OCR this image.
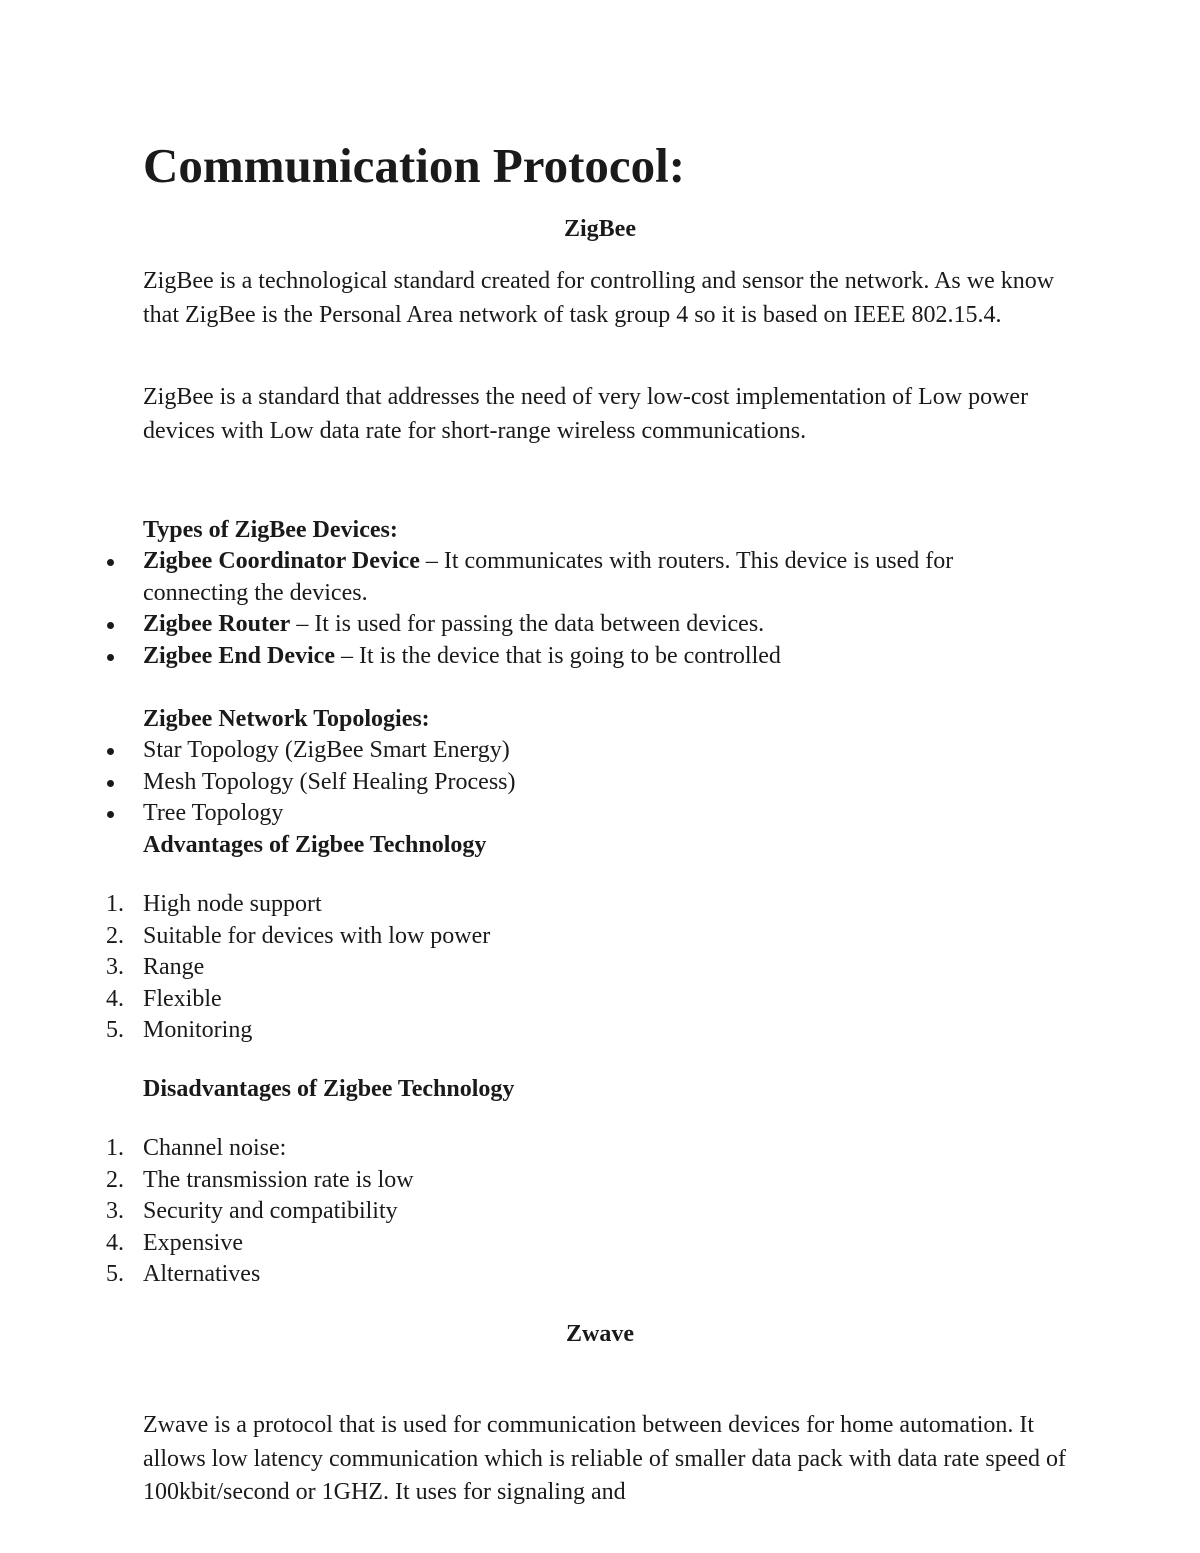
Communication Protocol:
ZigBee

ZigBee is a technological standard created for controlling and sensor the network. As we know that ZigBee is the Personal Area network of task group 4 so it is based on IEEE 802.15.4.

ZigBee is a standard that addresses the need of very low-cost implementation of Low power devices with Low data rate for short-range wireless communications.

Types of ZigBee Devices:
Zigbee Coordinator Device – It communicates with routers. This device is used for connecting the devices.
Zigbee Router – It is used for passing the data between devices.
Zigbee End Device – It is the device that is going to be controlled
Zigbee Network Topologies:
Star Topology (ZigBee Smart Energy)
Mesh Topology (Self Healing Process)
Tree Topology
Advantages of Zigbee Technology
1. High node support
2. Suitable for devices with low power
3. Range
4. Flexible
5. Monitoring
Disadvantages of Zigbee Technology
1. Channel noise:
2. The transmission rate is low
3. Security and compatibility
4. Expensive
5. Alternatives
Zwave

Zwave is a protocol that is used for communication between devices for home automation. It allows low latency communication which is reliable of smaller data pack with data rate speed of 100kbit/second or 1GHZ. It uses for signaling and
